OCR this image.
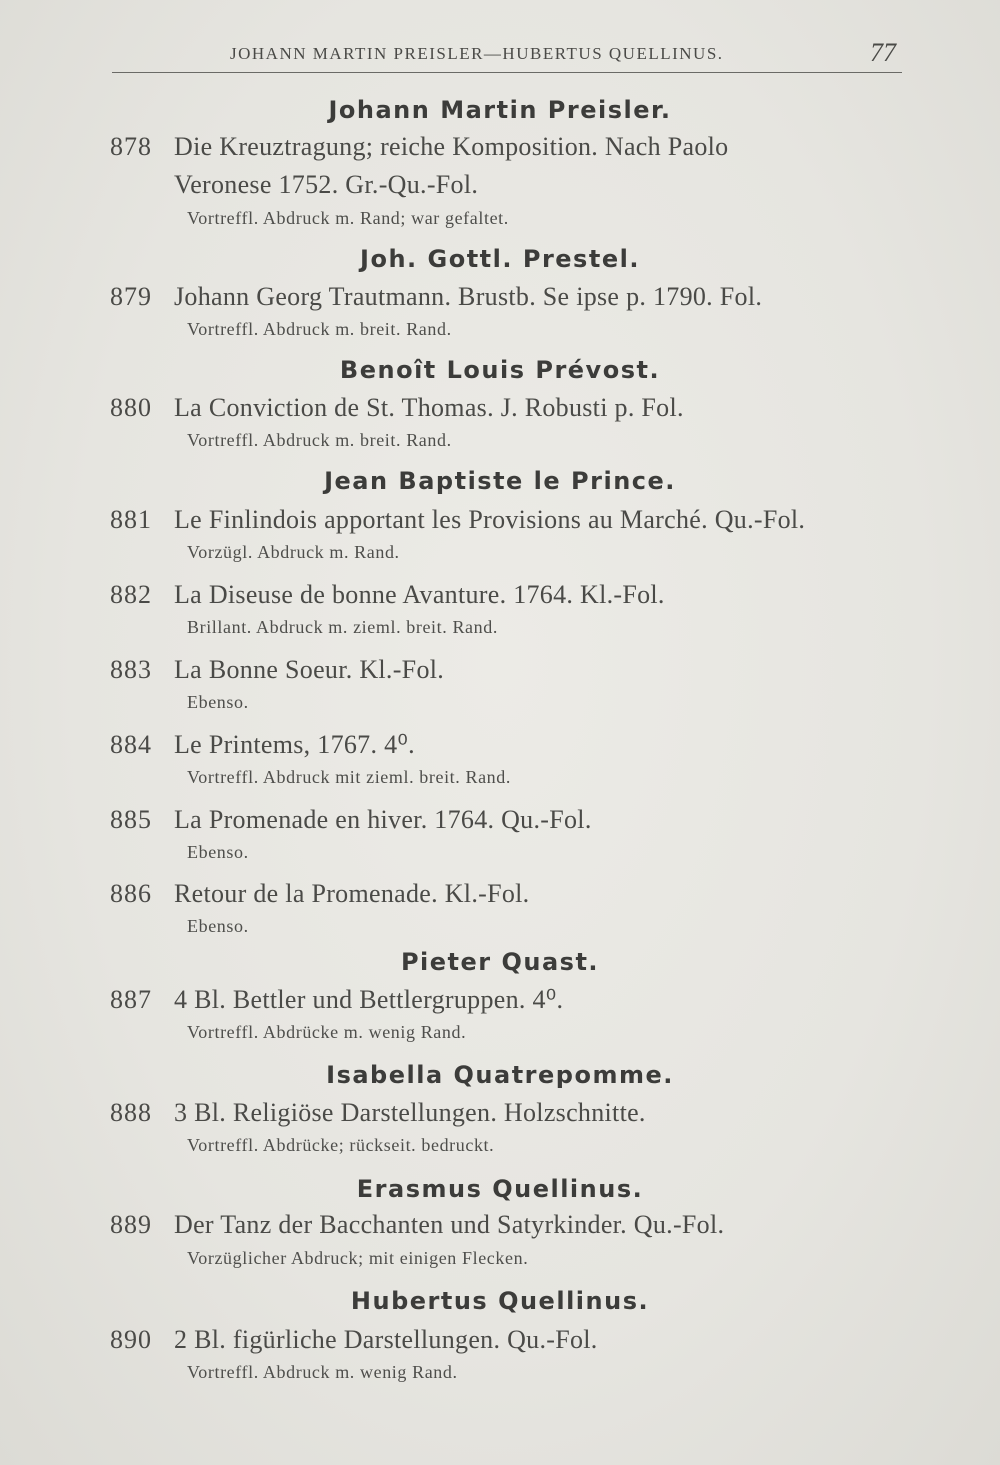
JOHANN MARTIN PREISLER—HUBERTUS QUELLINUS.	77
Johann Martin Preisler.
878 Die Kreuztragung; reiche Komposition. Nach Paolo
Veronese 1752. Gr.-Qu.-Fol.
Vortreffl. Abdruck m. Rand; war gefaltet.
Joh. Gottl. Prestel.
879 Johann Georg Trautmann. Brustb. Se ipse p. 1790. Fol.
Vortreffl. Abdruck m. breit. Rand.
Benoît Louis Prévost.
880 La Conviction de St. Thomas. J. Robusti p. Fol.
Vortreffl. Abdruck m. breit. Rand.
Jean Baptiste le Prince.
881 Le Finlindois apportant les Provisions au Marché. Qu.-Fol.
Vorzügl. Abdruck m. Rand.
882 La Diseuse de bonne Avanture. 1764. Kl.-Fol.
Brillant. Abdruck m. zieml. breit. Rand.
883 La Bonne Soeur. Kl.-Fol.
Ebenso.
884 Le Printems, 1767. 4⁰.
Vortreffl. Abdruck mit zieml. breit. Rand.
885 La Promenade en hiver. 1764. Qu.-Fol.
Ebenso.
886 Retour de la Promenade. Kl.-Fol.
Ebenso.
Pieter Quast.
887 4 Bl. Bettler und Bettlergruppen. 4⁰.
Vortreffl. Abdrücke m. wenig Rand.
Isabella Quatrepomme.
888 3 Bl. Religiöse Darstellungen. Holzschnitte.
Vortreffl. Abdrücke; rückseit. bedruckt.
Erasmus Quellinus.
889 Der Tanz der Bacchanten und Satyrkinder. Qu.-Fol.
Vorzüglicher Abdruck; mit einigen Flecken.
Hubertus Quellinus.
890 2 Bl. figürliche Darstellungen. Qu.-Fol.
Vortreffl. Abdruck m. wenig Rand.
